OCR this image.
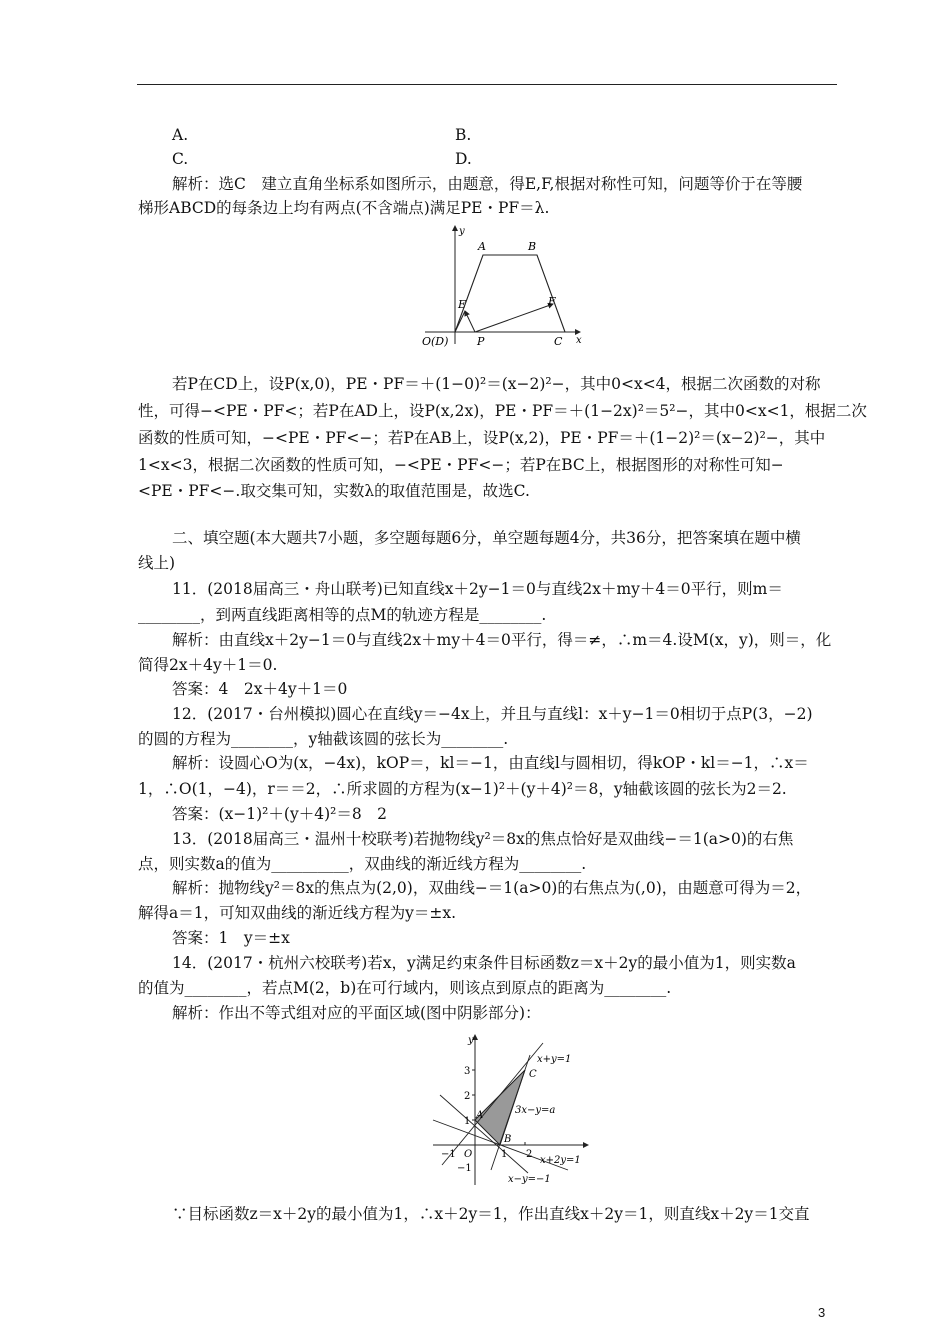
A.	B.
C.	D.
解析：选C　建立直角坐标系如图所示，由题意，得E,F,根据对称性可知，问题等价于在等腰
梯形ABCD的每条边上均有两点(不含端点)满足PE・PF＝λ.
y
x
A	B
E	F
O(D)	P	C
若P在CD上，设P(x,0)，PE・PF＝＋(1−0)²＝(x−2)²−，其中0<x<4，根据二次函数的对称
性，可得−<PE・PF<；若P在AD上，设P(x,2x)，PE・PF＝＋(1−2x)²＝5²−，其中0<x<1，根据二次
函数的性质可知，−<PE・PF<−；若P在AB上，设P(x,2)，PE・PF＝＋(1−2)²＝(x−2)²−，其中
1<x<3，根据二次函数的性质可知，−<PE・PF<−；若P在BC上，根据图形的对称性可知−
<PE・PF<−.取交集可知，实数λ的取值范围是，故选C.
二、填空题(本大题共7小题，多空题每题6分，单空题每题4分，共36分，把答案填在题中横
线上)
11．(2018届高三・舟山联考)已知直线x＋2y−1＝0与直线2x＋my＋4＝0平行，则m＝
________，到两直线距离相等的点M的轨迹方程是________.
解析：由直线x＋2y−1＝0与直线2x＋my＋4＝0平行，得＝≠，∴m＝4.设M(x，y)，则＝，化
简得2x＋4y＋1＝0.
答案：4　2x＋4y＋1＝0
12．(2017・台州模拟)圆心在直线y＝−4x上，并且与直线l：x＋y−1＝0相切于点P(3，−2)
的圆的方程为________，y轴截该圆的弦长为________.
解析：设圆心O为(x，−4x)，kOP＝，kl＝−1，由直线l与圆相切，得kOP・kl＝−1，∴x＝
1，∴O(1，−4)，r＝＝2，∴所求圆的方程为(x−1)²＋(y＋4)²＝8，y轴截该圆的弦长为2＝2.
答案：(x−1)²＋(y＋4)²＝8　2
13．(2018届高三・温州十校联考)若抛物线y²＝8x的焦点恰好是双曲线−＝1(a>0)的右焦
点，则实数a的值为__________，双曲线的渐近线方程为________.
解析：抛物线y²＝8x的焦点为(2,0)，双曲线−＝1(a>0)的右焦点为(,0)，由题意可得为＝2，
解得a＝1，可知双曲线的渐近线方程为y＝±x.
答案：1　y＝±x
14．(2017・杭州六校联考)若x，y满足约束条件目标函数z＝x＋2y的最小值为1，则实数a
的值为________，若点M(2，b)在可行域内，则该点到原点的距离为________.
解析：作出不等式组对应的平面区域(图中阴影部分)：
y
3
2
1
−1
−1 O	1 2
A
B
C
x+y=1
3x−y=a
x+2y=1
x−y=−1
∵目标函数z＝x＋2y的最小值为1，∴x＋2y＝1，作出直线x＋2y＝1，则直线x＋2y＝1交直
3
